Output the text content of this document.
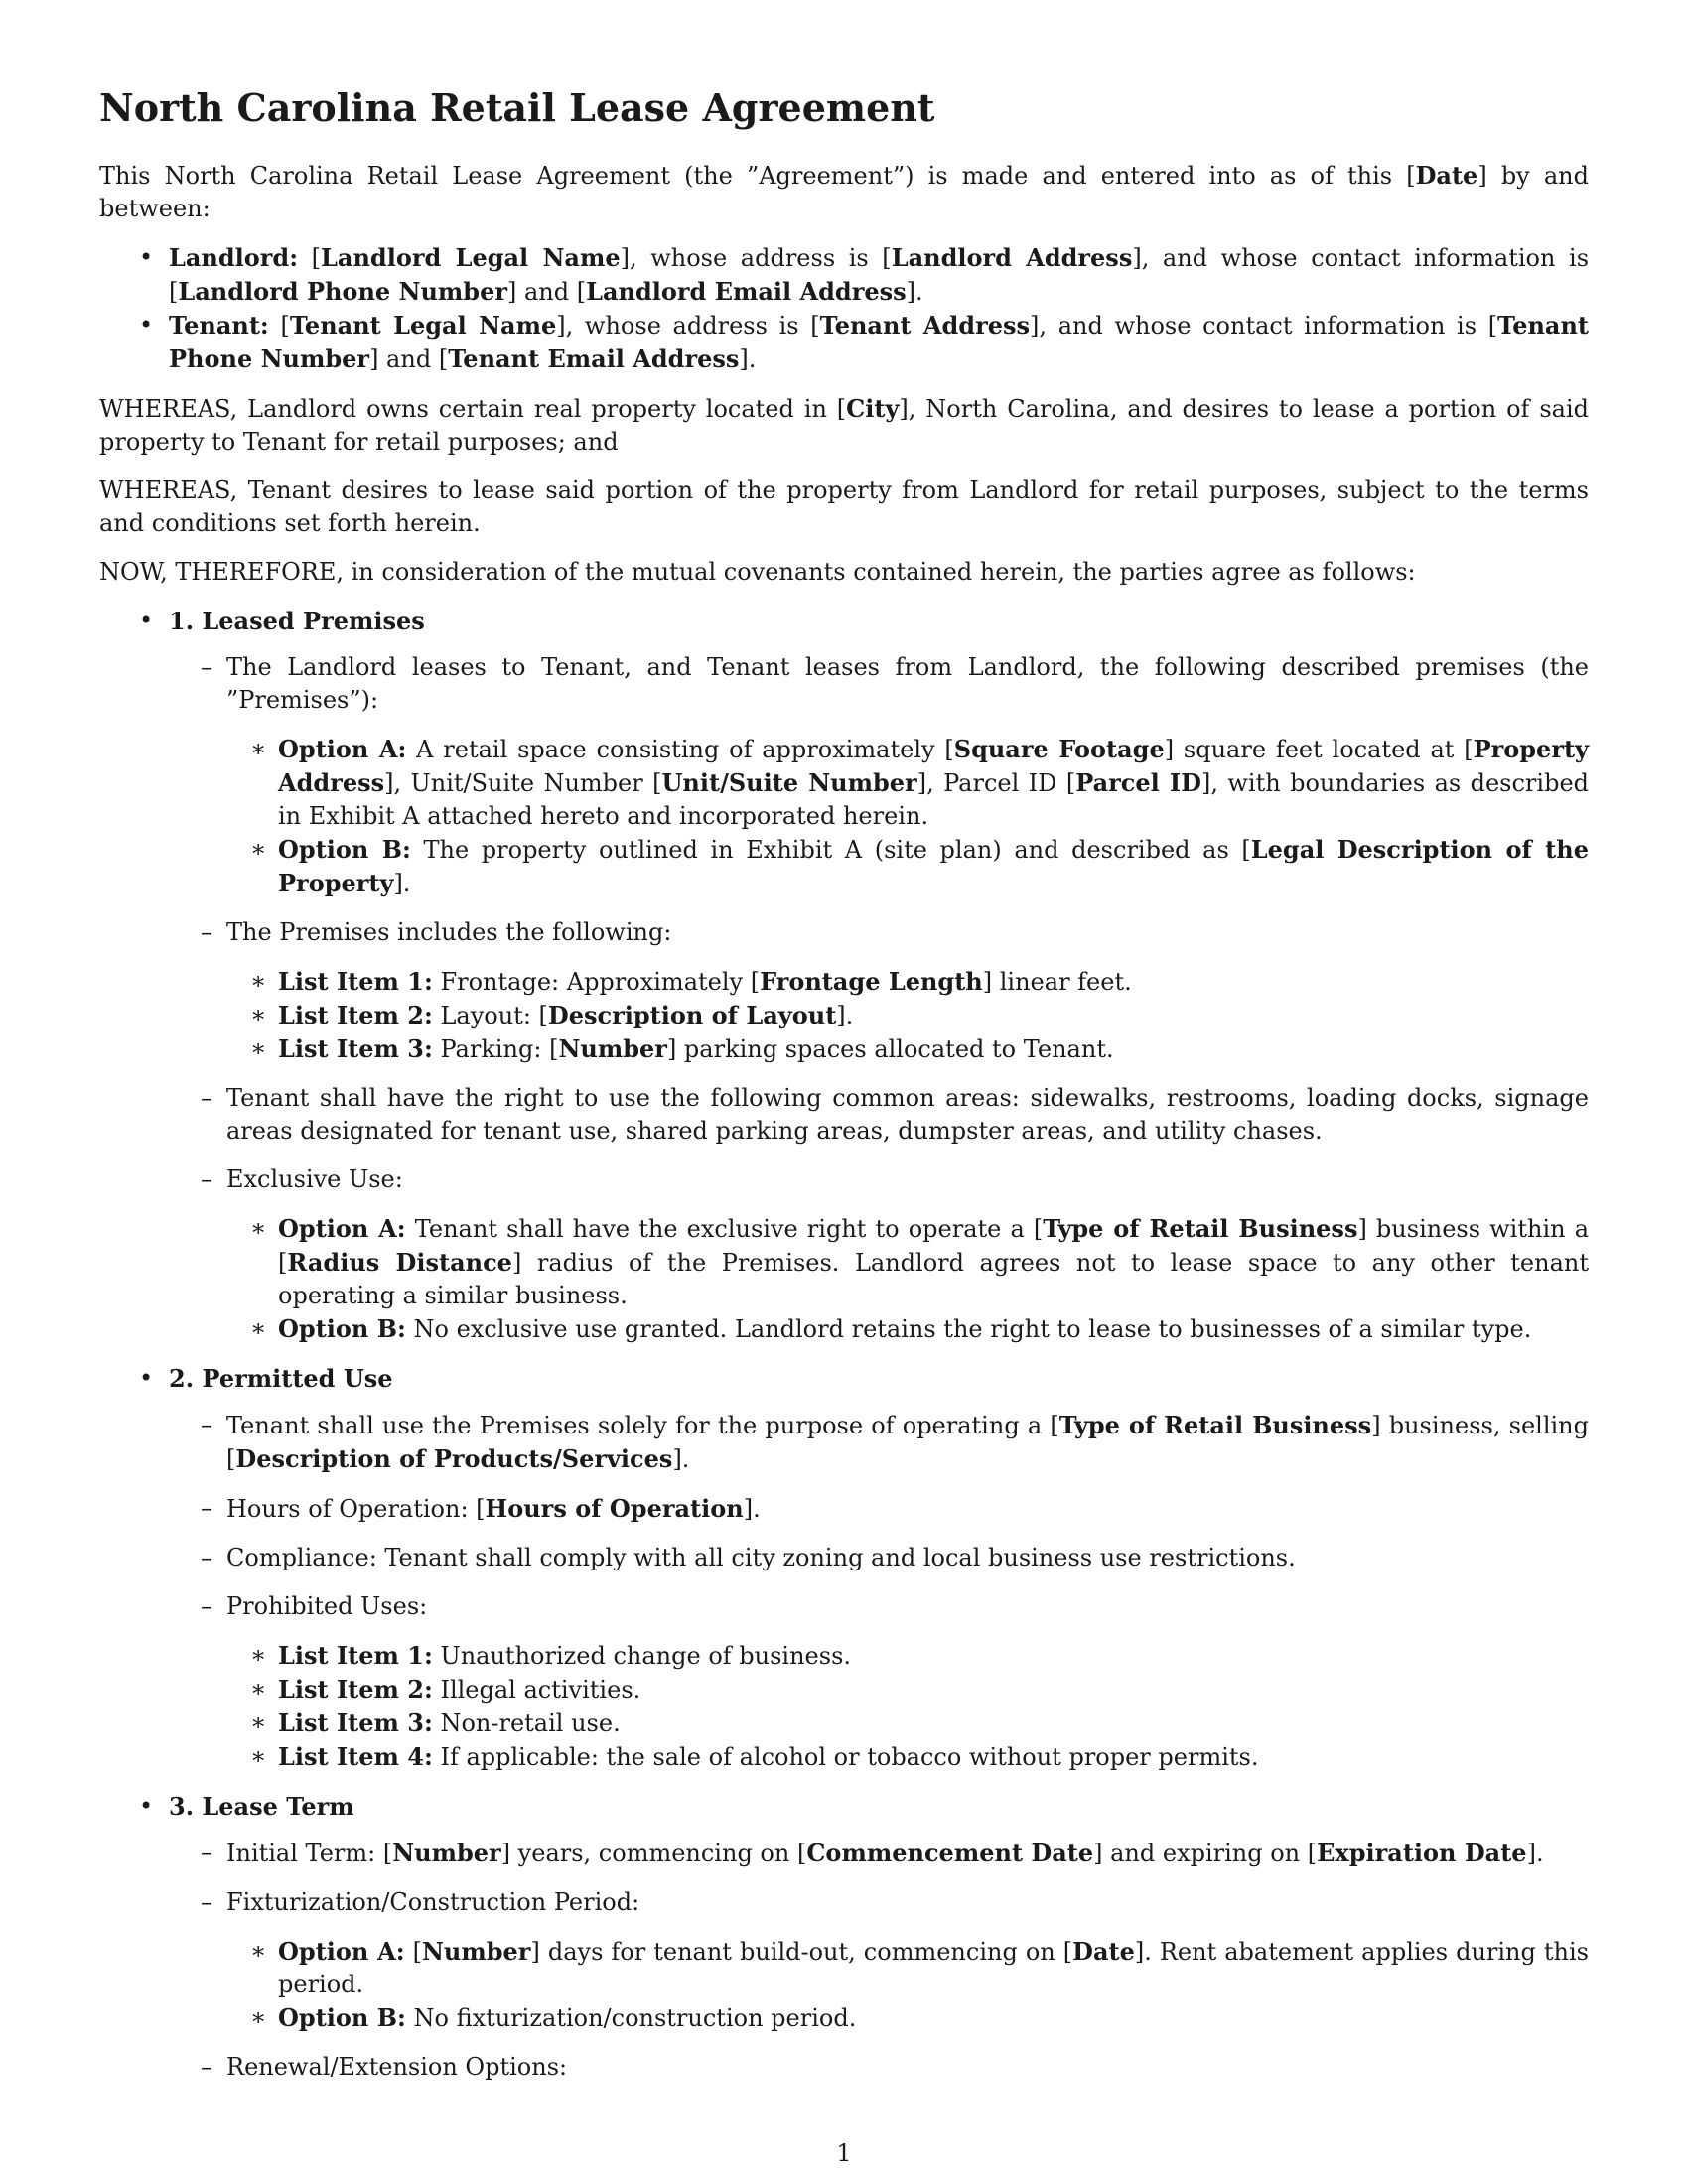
North Carolina Retail Lease Agreement

This North Carolina Retail Lease Agreement (the ”Agreement”) is made and entered into as of this [Date] by and between:

• Landlord: [Landlord Legal Name], whose address is [Landlord Address], and whose contact information is [Landlord Phone Number] and [Landlord Email Address].
• Tenant: [Tenant Legal Name], whose address is [Tenant Address], and whose contact information is [Tenant Phone Number] and [Tenant Email Address].

WHEREAS, Landlord owns certain real property located in [City], North Carolina, and desires to lease a portion of said property to Tenant for retail purposes; and

WHEREAS, Tenant desires to lease said portion of the property from Landlord for retail purposes, subject to the terms and conditions set forth herein.

NOW, THEREFORE, in consideration of the mutual covenants contained herein, the parties agree as follows:

• 1. Leased Premises
– The Landlord leases to Tenant, and Tenant leases from Landlord, the following described premises (the ”Premises”):
∗ Option A: A retail space consisting of approximately [Square Footage] square feet located at [Property Address], Unit/Suite Number [Unit/Suite Number], Parcel ID [Parcel ID], with boundaries as described in Exhibit A attached hereto and incorporated herein.
∗ Option B: The property outlined in Exhibit A (site plan) and described as [Legal Description of the Property].
– The Premises includes the following:
∗ List Item 1: Frontage: Approximately [Frontage Length] linear feet.
∗ List Item 2: Layout: [Description of Layout].
∗ List Item 3: Parking: [Number] parking spaces allocated to Tenant.
– Tenant shall have the right to use the following common areas: sidewalks, restrooms, loading docks, signage areas designated for tenant use, shared parking areas, dumpster areas, and utility chases.
– Exclusive Use:
∗ Option A: Tenant shall have the exclusive right to operate a [Type of Retail Business] business within a [Radius Distance] radius of the Premises. Landlord agrees not to lease space to any other tenant operating a similar business.
∗ Option B: No exclusive use granted. Landlord retains the right to lease to businesses of a similar type.
• 2. Permitted Use
– Tenant shall use the Premises solely for the purpose of operating a [Type of Retail Business] business, selling [Description of Products/Services].
– Hours of Operation: [Hours of Operation].
– Compliance: Tenant shall comply with all city zoning and local business use restrictions.
– Prohibited Uses:
∗ List Item 1: Unauthorized change of business.
∗ List Item 2: Illegal activities.
∗ List Item 3: Non-retail use.
∗ List Item 4: If applicable: the sale of alcohol or tobacco without proper permits.
• 3. Lease Term
– Initial Term: [Number] years, commencing on [Commencement Date] and expiring on [Expiration Date].
– Fixturization/Construction Period:
∗ Option A: [Number] days for tenant build-out, commencing on [Date]. Rent abatement applies during this period.
∗ Option B: No fixturization/construction period.
– Renewal/Extension Options:
1
